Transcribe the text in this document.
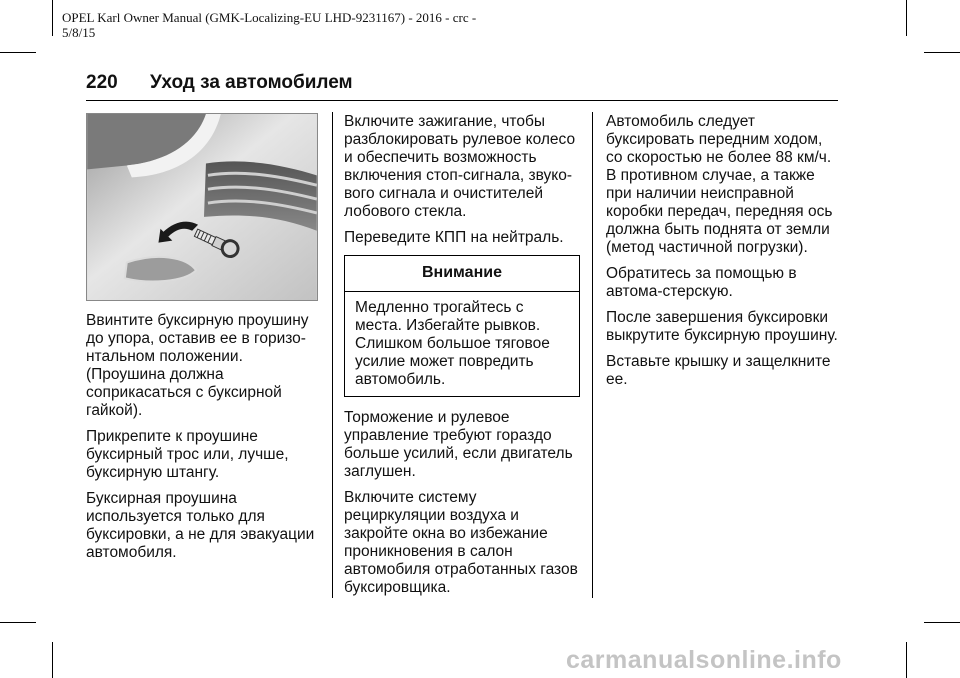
OPEL Karl Owner Manual (GMK-Localizing-EU LHD-9231167) - 2016 - crc -
5/8/15
220 Уход за автомобилем

Ввинтите буксирную проушину до упора, оставив ее в горизо-нтальном положении. (Проушина должна соприкасаться с буксирной гайкой).

Прикрепите к проушине буксирный трос или, лучше, буксирную штангу.

Буксирная проушина используется только для буксировки, а не для эвакуации автомобиля.

Включите зажигание, чтобы разблокировать рулевое колесо и обеспечить возможность включения стоп-сигнала, звуко-вого сигнала и очистителей лобового стекла.

Переведите КПП на нейтраль.

Внимание
Медленно трогайтесь с места. Избегайте рывков. Слишком большое тяговое усилие может повредить автомобиль.

Торможение и рулевое управление требуют гораздо больше усилий, если двигатель заглушен.

Включите систему рециркуляции воздуха и закройте окна во избежание проникновения в салон автомобиля отработанных газов буксировщика.

Автомобиль следует буксировать передним ходом, со скоростью не более 88 км/ч. В противном случае, а также при наличии неисправной коробки передач, передняя ось должна быть поднята от земли (метод частичной погрузки).

Обратитесь за помощью в автома-стерскую.

После завершения буксировки выкрутите буксирную проушину.

Вставьте крышку и защелкните ее.

carmanualsonline.info
